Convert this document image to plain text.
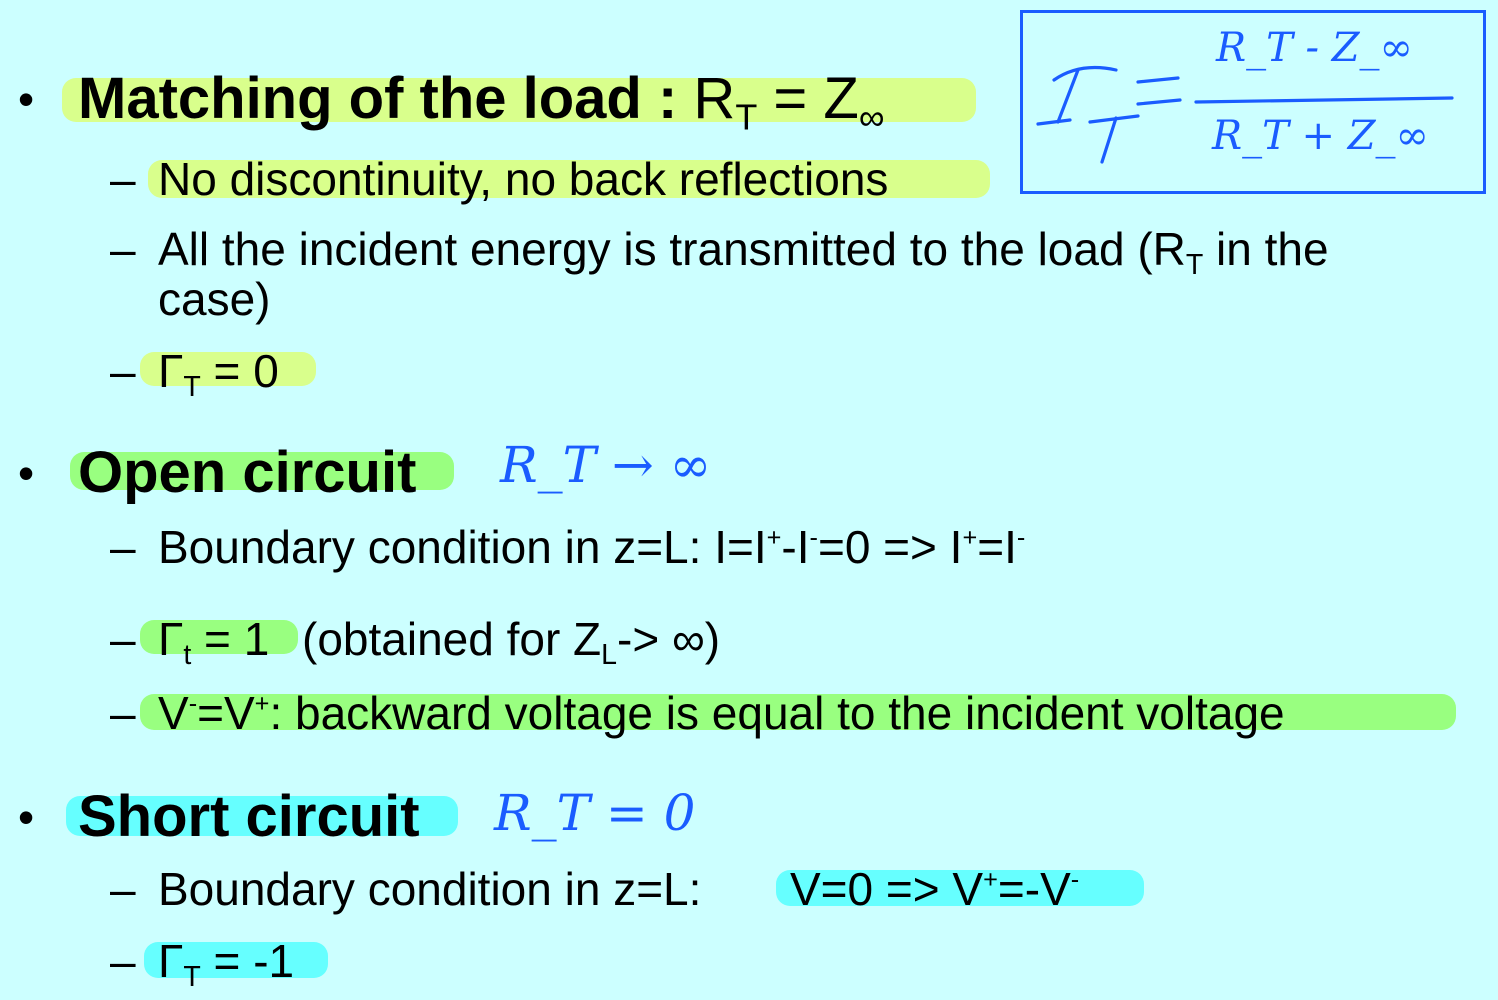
• Matching of the load : $R_T = Z_\infty$
– No discontinuity, no back reflections
– All the incident energy is transmitted to the load ($R_T$ in the
case)
– $\Gamma_T = 0$
R_T - Z_∞
R_T + Z_∞
• Open circuit R_T → ∞
– Boundary condition in z=L: I=I+-I-=0 => I+=I-
– $\Gamma_t = 1$ (obtained for $Z_L->$ ∞)
– V-=V+: backward voltage is equal to the incident voltage
• Short circuit R_T = 0
– Boundary condition in z=L: V=0 => V+=-V-
– $\Gamma_T = -1$
